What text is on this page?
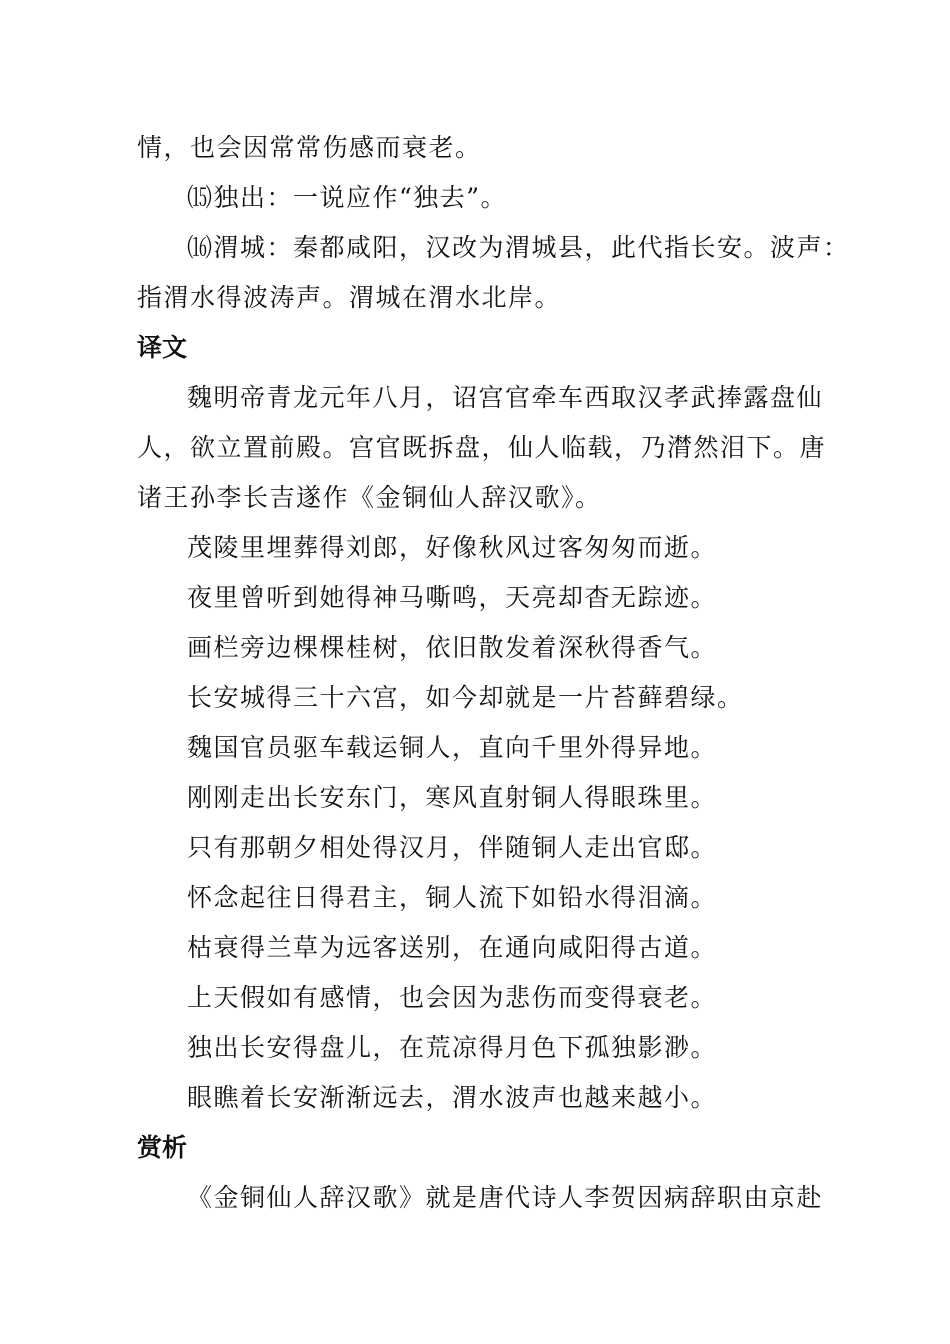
情，也会因常常伤感而衰老。
⒂独出：一说应作“独去”。
⒃渭城：秦都咸阳，汉改为渭城县，此代指长安。波声：
指渭水得波涛声。渭城在渭水北岸。
译文
魏明帝青龙元年八月，诏宫官牵车西取汉孝武捧露盘仙
人，欲立置前殿。宫官既拆盘，仙人临载，乃潸然泪下。唐
诸王孙李长吉遂作《金铜仙人辞汉歌》。
茂陵里埋葬得刘郎，好像秋风过客匆匆而逝。
夜里曾听到她得神马嘶鸣，天亮却杳无踪迹。
画栏旁边棵棵桂树，依旧散发着深秋得香气。
长安城得三十六宫，如今却就是一片苔藓碧绿。
魏国官员驱车载运铜人，直向千里外得异地。
刚刚走出长安东门，寒风直射铜人得眼珠里。
只有那朝夕相处得汉月，伴随铜人走出官邸。
怀念起往日得君主，铜人流下如铅水得泪滴。
枯衰得兰草为远客送别，在通向咸阳得古道。
上天假如有感情，也会因为悲伤而变得衰老。
独出长安得盘儿，在荒凉得月色下孤独影渺。
眼瞧着长安渐渐远去，渭水波声也越来越小。
赏析
《金铜仙人辞汉歌》就是唐代诗人李贺因病辞职由京赴
